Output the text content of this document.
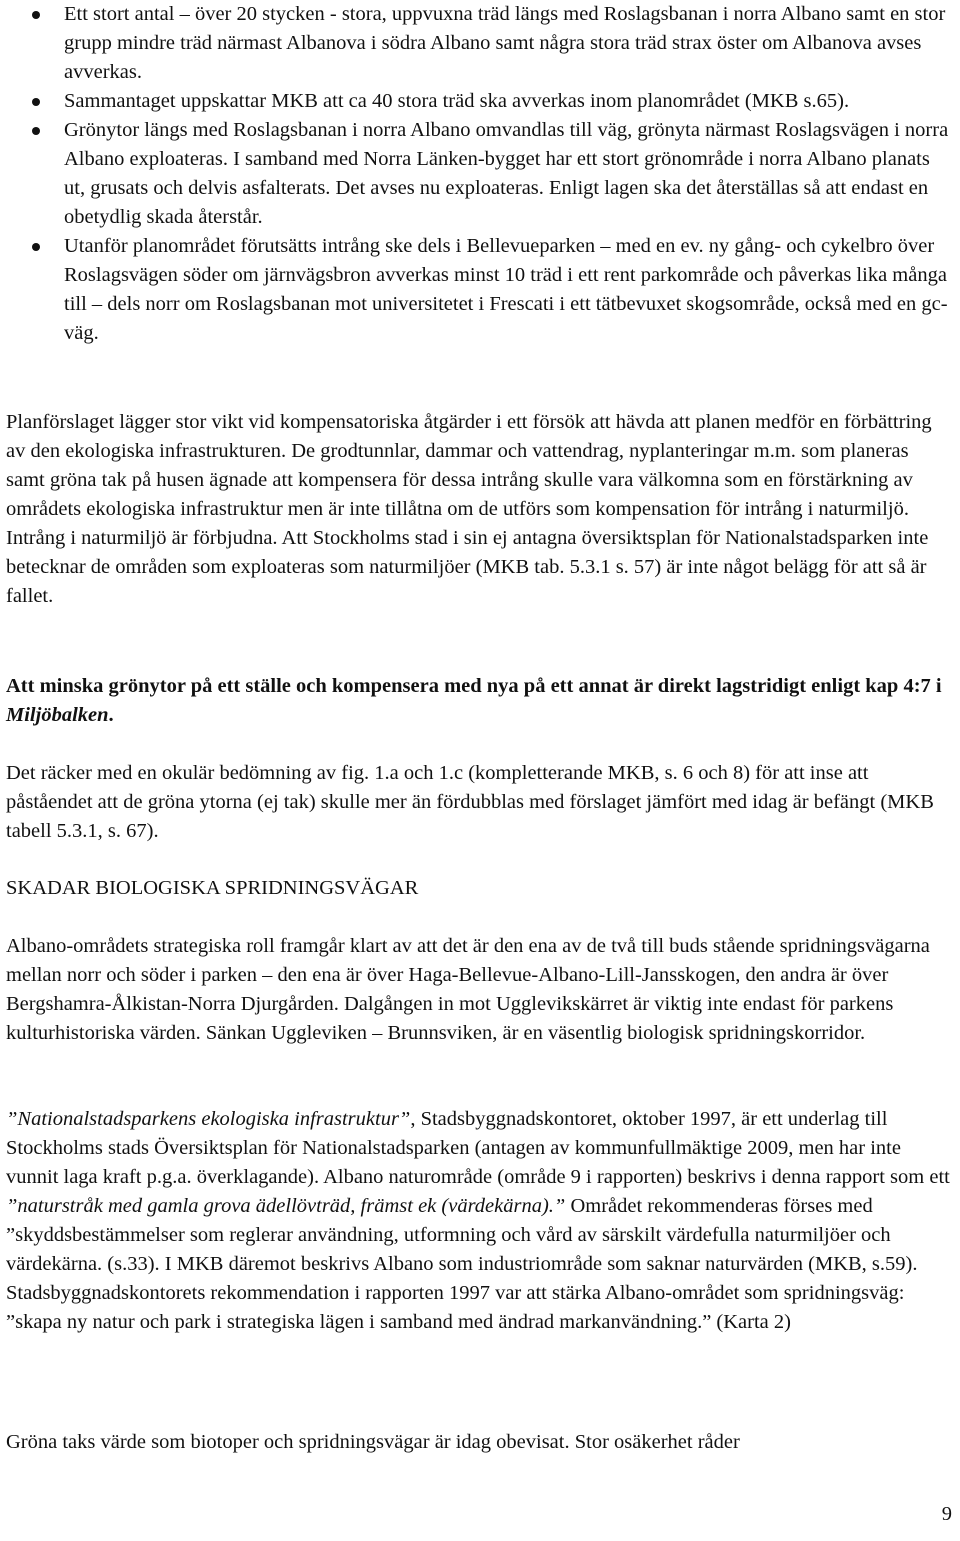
Ett stort antal – över 20 stycken - stora, uppvuxna träd längs med Roslagsbanan i norra Albano samt en stor grupp mindre träd närmast Albanova i södra Albano samt några stora träd strax öster om Albanova avses avverkas.
Sammantaget uppskattar MKB att ca 40 stora träd ska avverkas inom planområdet (MKB s.65).
Grönytor längs med Roslagsbanan i norra Albano omvandlas till väg, grönyta närmast Roslagsvägen i norra Albano exploateras. I samband med Norra Länken-bygget har ett stort grönområde i norra Albano planats ut, grusats och delvis asfalterats. Det avses nu exploateras. Enligt lagen ska det återställas så att endast en obetydlig skada återstår.
Utanför planområdet förutsätts intrång ske dels i Bellevueparken – med en ev. ny gång- och cykelbro över Roslagsvägen söder om järnvägsbron avverkas minst 10 träd i ett rent parkområde och påverkas lika många till – dels norr om Roslagsbanan mot universitetet i Frescati i ett tätbevuxet skogsområde, också med en gc-väg.

Planförslaget lägger stor vikt vid kompensatoriska åtgärder i ett försök att hävda att planen medför en förbättring av den ekologiska infrastrukturen. De grodtunnlar, dammar och vattendrag, nyplanteringar m.m. som planeras samt gröna tak på husen ägnade att kompensera för dessa intrång skulle vara välkomna som en förstärkning av områdets ekologiska infrastruktur men är inte tillåtna om de utförs som kompensation för intrång i naturmiljö. Intrång i naturmiljö är förbjudna. Att Stockholms stad i sin ej antagna översiktsplan för Nationalstadsparken inte betecknar de områden som exploateras som naturmiljöer (MKB tab. 5.3.1 s. 57) är inte något belägg för att så är fallet.

Att minska grönytor på ett ställe och kompensera med nya på ett annat är direkt lagstridigt enligt kap 4:7 i Miljöbalken.

Det räcker med en okulär bedömning av fig. 1.a och 1.c (kompletterande MKB, s. 6 och 8) för att inse att påståendet att de gröna ytorna (ej tak) skulle mer än fördubblas med förslaget jämfört med idag är befängt (MKB tabell 5.3.1, s. 67).

SKADAR BIOLOGISKA SPRIDNINGSVÄGAR

Albano-områdets strategiska roll framgår klart av att det är den ena av de två till buds stående spridningsvägarna mellan norr och söder i parken – den ena är över Haga-Bellevue-Albano-Lill-Jansskogen, den andra är över Bergshamra-Ålkistan-Norra Djurgården. Dalgången in mot Ugglevikskärret är viktig inte endast för parkens kulturhistoriska värden. Sänkan Uggleviken – Brunnsviken, är en väsentlig biologisk spridningskorridor.

”Nationalstadsparkens ekologiska infrastruktur”, Stadsbyggnadskontoret, oktober 1997, är ett underlag till Stockholms stads Översiktsplan för Nationalstadsparken (antagen av kommunfullmäktige 2009, men har inte vunnit laga kraft p.g.a. överklagande). Albano naturområde (område 9 i rapporten) beskrivs i denna rapport som ett ”naturstråk med gamla grova ädellövträd, främst ek (värdekärna).” Området rekommenderas förses med ”skyddsbestämmelser som reglerar användning, utformning och vård av särskilt värdefulla naturmiljöer och värdekärna. (s.33). I MKB däremot beskrivs Albano som industriområde som saknar naturvärden (MKB, s.59). Stadsbyggnadskontorets rekommendation i rapporten 1997 var att stärka Albano-området som spridningsväg: ”skapa ny natur och park i strategiska lägen i samband med ändrad markanvändning.” (Karta 2)

Gröna taks värde som biotoper och spridningsvägar är idag obevisat. Stor osäkerhet råder

9
